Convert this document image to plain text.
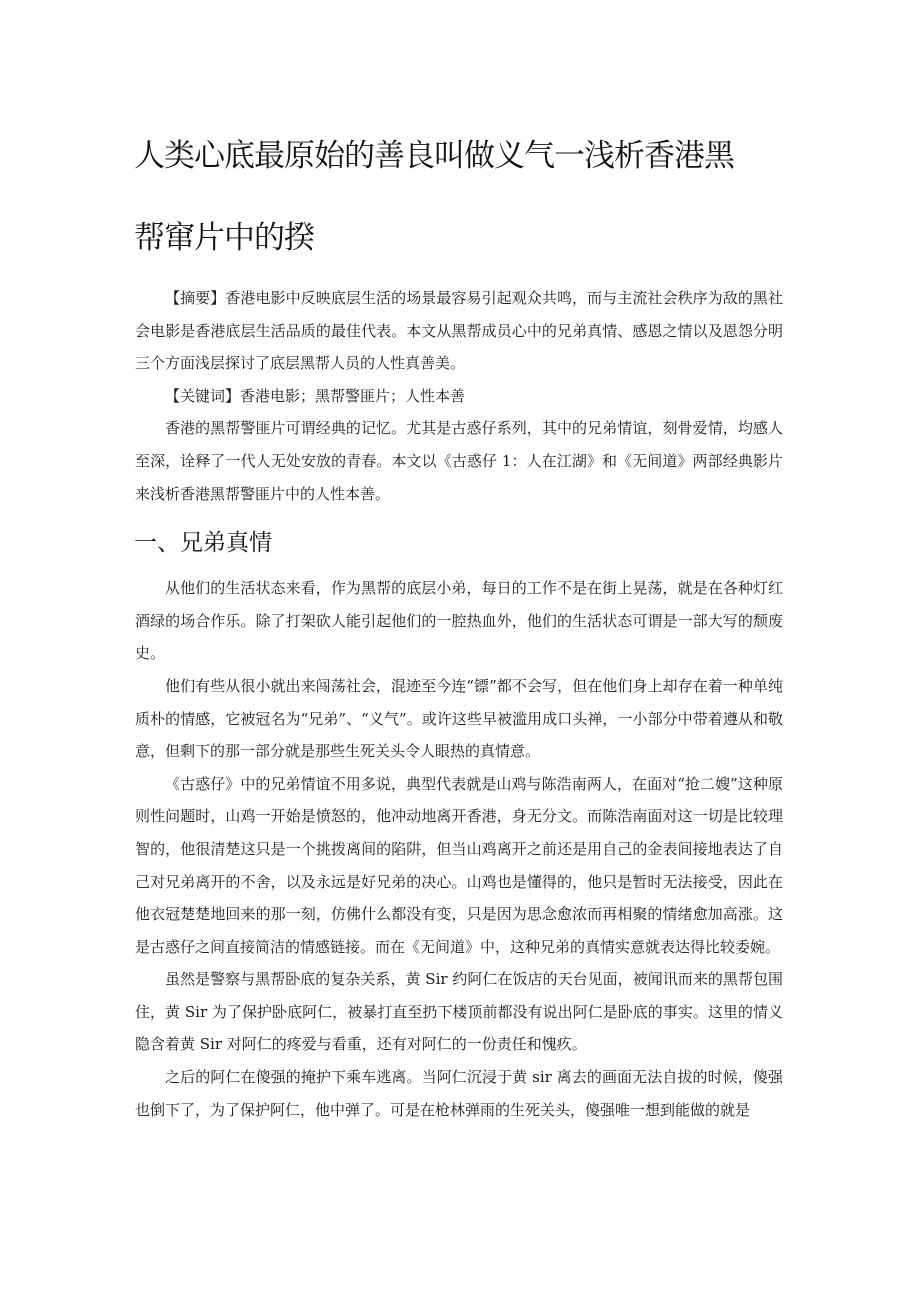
人类心底最原始的善良叫做义气一浅析香港黑
帮窜片中的揆

【摘要】香港电影中反映底层生活的场景最容易引起观众共鸣，而与主流社会秩序为敌的黑社会电影是香港底层生活品质的最佳代表。本文从黑帮成员心中的兄弟真情、感恩之情以及恩怨分明三个方面浅层探讨了底层黑帮人员的人性真善美。

【关键词】香港电影；黑帮警匪片；人性本善

香港的黑帮警匪片可谓经典的记忆。尤其是古惑仔系列，其中的兄弟情谊，刻骨爱情，均感人至深，诠释了一代人无处安放的青春。本文以《古惑仔 1：人在江湖》和《无间道》两部经典影片来浅析香港黑帮警匪片中的人性本善。

一、兄弟真情

从他们的生活状态来看，作为黑帮的底层小弟，每日的工作不是在街上晃荡，就是在各种灯红酒绿的场合作乐。除了打架砍人能引起他们的一腔热血外，他们的生活状态可谓是一部大写的颓废史。

他们有些从很小就出来闯荡社会，混迹至今连“镖”都不会写，但在他们身上却存在着一种单纯质朴的情感，它被冠名为“兄弟”、“义气”。或许这些早被滥用成口头禅，一小部分中带着遵从和敬意，但剩下的那一部分就是那些生死关头令人眼热的真情意。

《古惑仔》中的兄弟情谊不用多说，典型代表就是山鸡与陈浩南两人，在面对“抢二嫂”这种原则性问题时，山鸡一开始是愤怒的，他冲动地离开香港，身无分文。而陈浩南面对这一切是比较理智的，他很清楚这只是一个挑拨离间的陷阱，但当山鸡离开之前还是用自己的金表间接地表达了自己对兄弟离开的不舍，以及永远是好兄弟的决心。山鸡也是懂得的，他只是暂时无法接受，因此在他衣冠楚楚地回来的那一刻，仿佛什么都没有变，只是因为思念愈浓而再相聚的情绪愈加高涨。这是古惑仔之间直接简洁的情感链接。而在《无间道》中，这种兄弟的真情实意就表达得比较委婉。

虽然是警察与黑帮卧底的复杂关系，黄 Sir 约阿仁在饭店的天台见面，被闻讯而来的黑帮包围住，黄 Sir 为了保护卧底阿仁，被暴打直至扔下楼顶前都没有说出阿仁是卧底的事实。这里的情义隐含着黄 Sir 对阿仁的疼爱与看重，还有对阿仁的一份责任和愧疚。

之后的阿仁在傻强的掩护下乘车逃离。当阿仁沉浸于黄 sir 离去的画面无法自拔的时候，傻强也倒下了，为了保护阿仁，他中弹了。可是在枪林弹雨的生死关头，傻强唯一想到能做的就是
